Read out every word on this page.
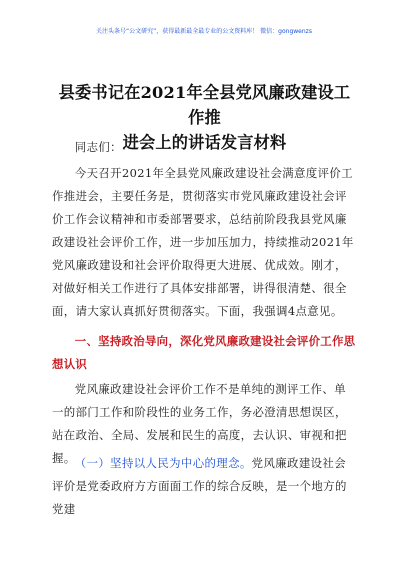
关注头条号“公文研究”，获得最新最全最专业的公文资料库！ 微信：gongwenzs
县委书记在2021年全县党风廉政建设工作推
进会上的讲话发言材料

同志们：

今天召开2021年全县党风廉政建设社会满意度评价工作推进会，主要任务是，贯彻落实市党风廉政建设社会评价工作会议精神和市委部署要求，总结前阶段我县党风廉政建设社会评价工作，进一步加压加力，持续推动2021年党风廉政建设和社会评价取得更大进展、优成效。刚才，对做好相关工作进行了具体安排部署，讲得很清楚、很全面，请大家认真抓好贯彻落实。下面，我强调4点意见。

一、坚持政治导向，深化党风廉政建设社会评价工作思想认识

党风廉政建设社会评价工作不是单纯的测评工作、单一的部门工作和阶段性的业务工作，务必澄清思想误区，站在政治、全局、发展和民生的高度，去认识、审视和把握。 （一）坚持以人民为中心的理念。党风廉政建设社会评价是党委政府方方面面工作的综合反映，是一个地方的党建
